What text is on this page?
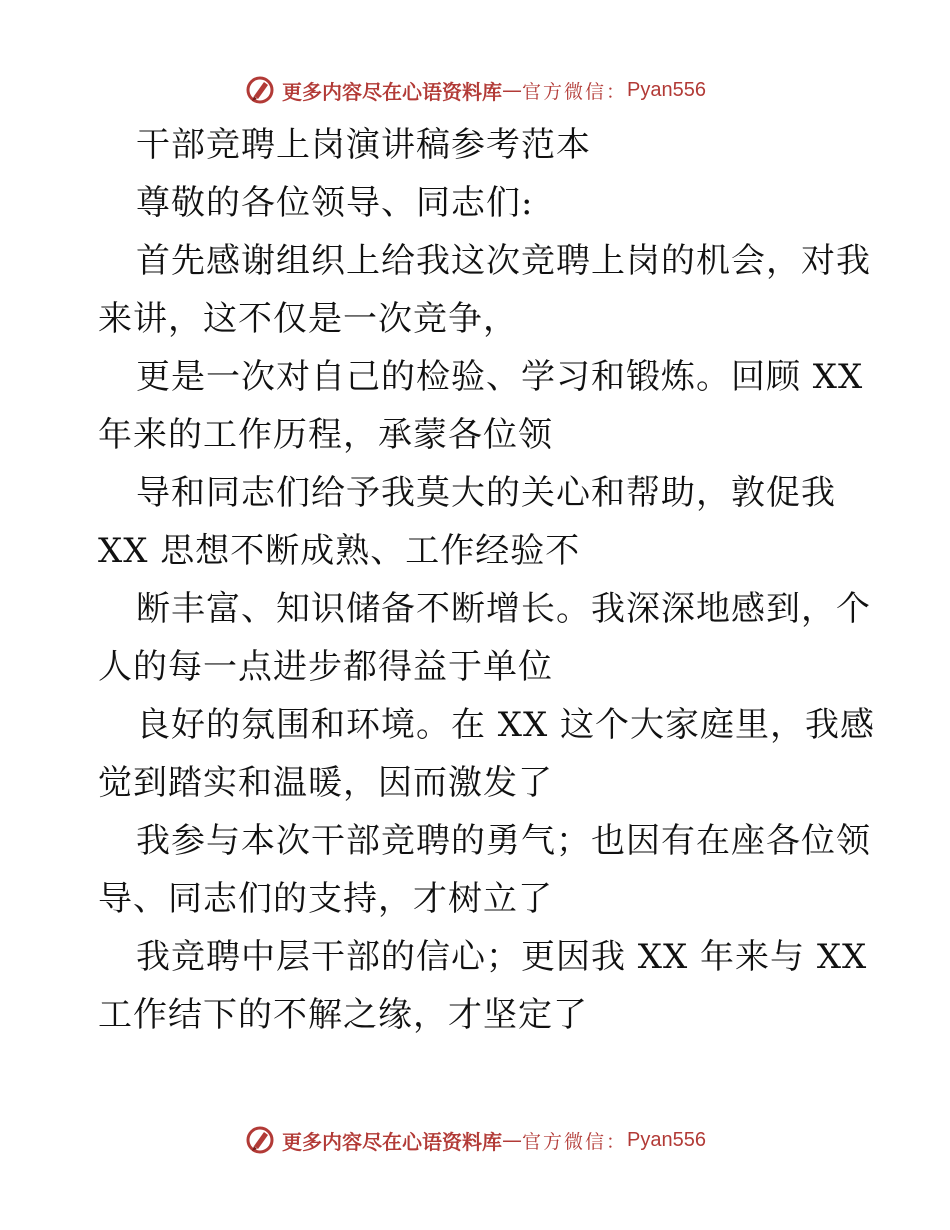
更多内容尽在心语资料库 — 官方微信： Pyan556
干部竞聘上岗演讲稿参考范本
尊敬的各位领导、同志们:
首先感谢组织上给我这次竞聘上岗的机会，对我
来讲，这不仅是一次竞争，
更是一次对自己的检验、学习和锻炼。回顾 XX
年来的工作历程，承蒙各位领
导和同志们给予我莫大的关心和帮助，敦促我
XX 思想不断成熟、工作经验不
断丰富、知识储备不断增长。我深深地感到，个
人的每一点进步都得益于单位
良好的氛围和环境。在 XX 这个大家庭里，我感
觉到踏实和温暖，因而激发了
我参与本次干部竞聘的勇气；也因有在座各位领
导、同志们的支持，才树立了
我竞聘中层干部的信心；更因我 XX 年来与 XX
工作结下的不解之缘，才坚定了
更多内容尽在心语资料库 — 官方微信： Pyan556
